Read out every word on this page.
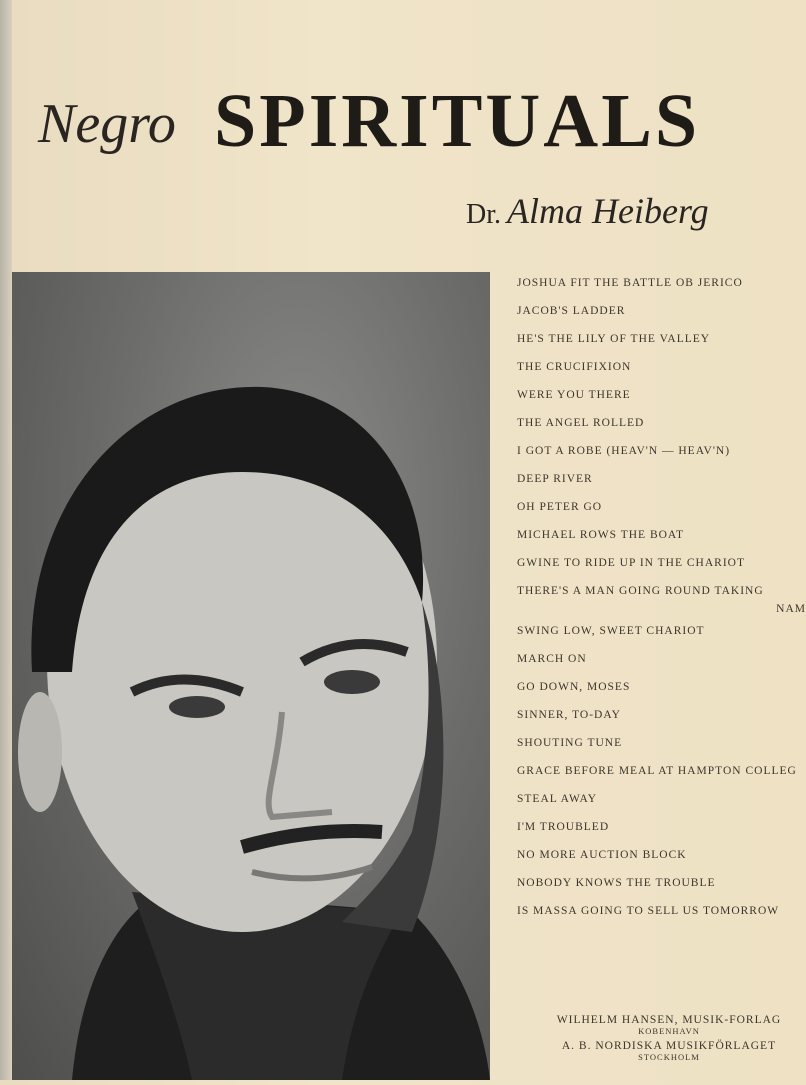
Negro SPIRITUALS
Dr. Alma Heiberg
JOSHUA FIT THE BATTLE OB JERICO
JACOB'S LADDER
HE'S THE LILY OF THE VALLEY
THE CRUCIFIXION
WERE YOU THERE
THE ANGEL ROLLED
I GOT A ROBE (HEAV'N — HEAV'N)
DEEP RIVER
OH PETER GO
MICHAEL ROWS THE BOAT
GWINE TO RIDE UP IN THE CHARIOT
THERE'S A MAN GOING ROUND TAKING
NAM
SWING LOW, SWEET CHARIOT
MARCH ON
GO DOWN, MOSES
SINNER, TO-DAY
SHOUTING TUNE
GRACE BEFORE MEAL AT HAMPTON COLLEG
STEAL AWAY
I'M TROUBLED
NO MORE AUCTION BLOCK
NOBODY KNOWS THE TROUBLE
IS MASSA GOING TO SELL US TOMORROW
WILHELM HANSEN, MUSIK-FORLAG
KOBENHAVN
A. B. NORDISKA MUSIKFÖRLAGET
STOCKHOLM
